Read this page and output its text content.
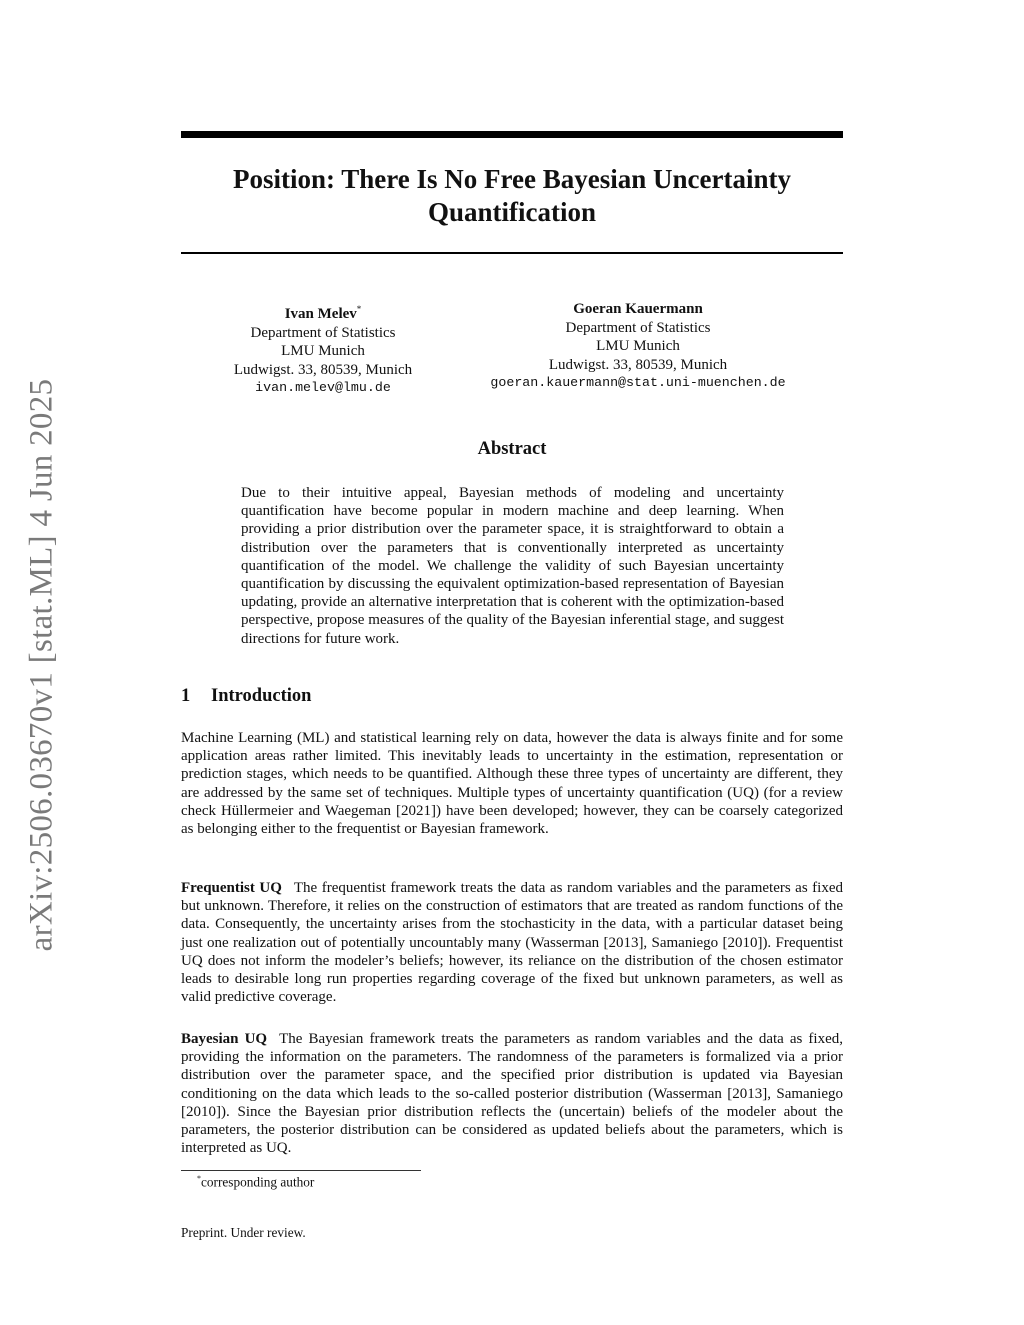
arXiv:2506.03670v1 [stat.ML] 4 Jun 2025
Position: There Is No Free Bayesian Uncertainty
Quantification
Ivan Melev*
Department of Statistics
LMU Munich
Ludwigst. 33, 80539, Munich
ivan.melev@lmu.de
Goeran Kauermann
Department of Statistics
LMU Munich
Ludwigst. 33, 80539, Munich
goeran.kauermann@stat.uni-muenchen.de
Abstract

Due to their intuitive appeal, Bayesian methods of modeling and uncertainty quantification have become popular in modern machine and deep learning. When providing a prior distribution over the parameter space, it is straightforward to obtain a distribution over the parameters that is conventionally interpreted as uncertainty quantification of the model. We challenge the validity of such Bayesian uncertainty quantification by discussing the equivalent optimization-based representation of Bayesian updating, provide an alternative interpretation that is coherent with the optimization-based perspective, propose measures of the quality of the Bayesian inferential stage, and suggest directions for future work.

1 Introduction

Machine Learning (ML) and statistical learning rely on data, however the data is always finite and for some application areas rather limited. This inevitably leads to uncertainty in the estimation, representation or prediction stages, which needs to be quantified. Although these three types of uncertainty are different, they are addressed by the same set of techniques. Multiple types of uncertainty quantification (UQ) (for a review check Hüllermeier and Waegeman [2021]) have been developed; however, they can be coarsely categorized as belonging either to the frequentist or Bayesian framework.

Frequentist UQ The frequentist framework treats the data as random variables and the parameters as fixed but unknown. Therefore, it relies on the construction of estimators that are treated as random functions of the data. Consequently, the uncertainty arises from the stochasticity in the data, with a particular dataset being just one realization out of potentially uncountably many (Wasserman [2013], Samaniego [2010]). Frequentist UQ does not inform the modeler’s beliefs; however, its reliance on the distribution of the chosen estimator leads to desirable long run properties regarding coverage of the fixed but unknown parameters, as well as valid predictive coverage.

Bayesian UQ The Bayesian framework treats the parameters as random variables and the data as fixed, providing the information on the parameters. The randomness of the parameters is formalized via a prior distribution over the parameter space, and the specified prior distribution is updated via Bayesian conditioning on the data which leads to the so-called posterior distribution (Wasserman [2013], Samaniego [2010]). Since the Bayesian prior distribution reflects the (uncertain) beliefs of the modeler about the parameters, the posterior distribution can be considered as updated beliefs about the parameters, which is interpreted as UQ.

*corresponding author
Preprint. Under review.
